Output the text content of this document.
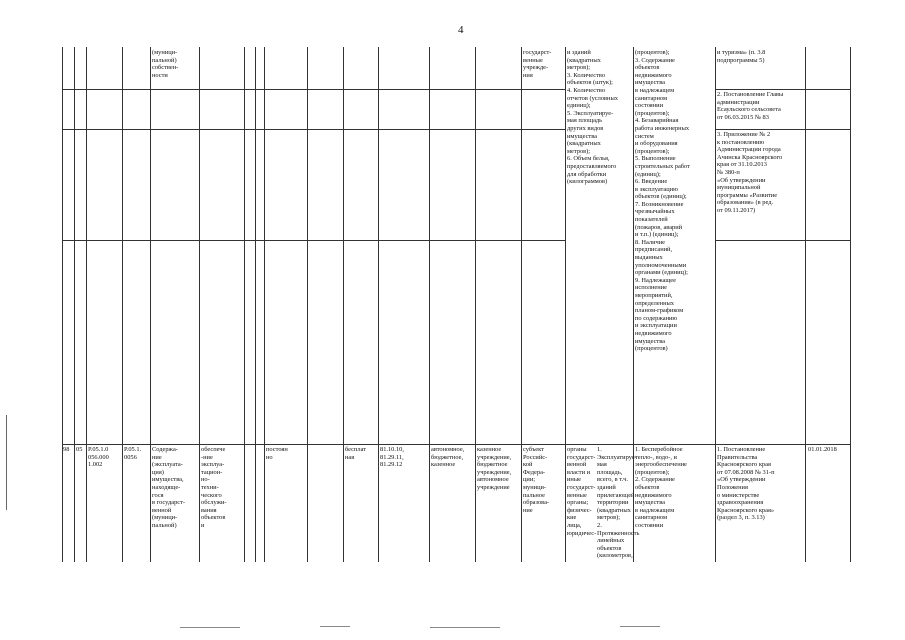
4
(муници-
пальной)
собствен-
ности
государст-
венные
учрежде-
ния
и зданий
(квадратных
метров);
3. Количество
объектов (штук);
4. Количество
отчетов (условных
единиц);
5. Эксплуатируе-
мая площадь
других видов
имущества
(квадратных
метров);
6. Объем белья,
предоставляемого
для обработки
(килограммов)
(процентов);
3. Содержание
объектов
недвижимого
имущества
в надлежащем
санитарном
состоянии
(процентов);
4. Безаварийная
работа инженерных
систем
и оборудования
(процентов);
5. Выполнение
строительных работ
(единиц);
6. Введение
в эксплуатацию
объектов (единиц);
7. Возникновение
чрезвычайных
показателей
(пожаров, аварий
и т.п.) (единиц);
8. Наличие
предписаний,
выданных
уполномоченными
органами (единиц);
9. Надлежащее
исполнение
мероприятий,
определенных
планом-графиком
по содержанию
и эксплуатации
недвижимого
имущества
(процентов)
и туризма» (п. 3.8
подпрограммы 5)
2. Постановление Главы
администрации
Есаульского сельсовета
от 06.03.2015 № 83
3. Приложение № 2
к постановлению
Администрации города
Ачинска Красноярского
края от 31.10.2013
№ 380-п
«Об утверждении
муниципальной
программы «Развитие
образования» (в ред.
от 09.11.2017)
98	05 Р.05.1.0
056.000
1.002
Р.05.1.
0056
Содержа-
ние
(эксплуата-
ция)
имущества,
находяще-
гося
в государст-
венной
(муници-
пальной)
обеспече
-ние
эксплуа-
тацион-
но-
техни-
ческого
обслужи-
вания
объектов
и
постоян
но
бесплат
ная
81.10.10,
81.29.11,
81.29.12
автономное,
бюджетное,
казенное
казенное
учреждение,
бюджетное
учреждение,
автономное
учреждение
субъект
Российс-
кой
Федера-
ции;
муници-
пальное
образова-
ние
органы
государст-
венной
власти и
иные
государст-
венные
органы;
физичес-
кие
лица,
юридичес-
1. Эксплуатируе-
мая площадь,
всего, в т.ч. зданий
прилегающей
территории
(квадратных
метров);
2. Протяженность
линейных
объектов
(километров,
1. Бесперебойное
тепло-, водо-, и
энергообеспечение
(процентов);
2. Содержание
объектов
недвижимого
имущества
в надлежащем
санитарном
состоянии
1. Постановление
Правительства
Красноярского края
от 07.08.2008 № 31-п
«Об утверждении
Положения
о министерстве
здравоохранения
Красноярского края»
(раздел 3, п. 3.13)
01.01.2018
